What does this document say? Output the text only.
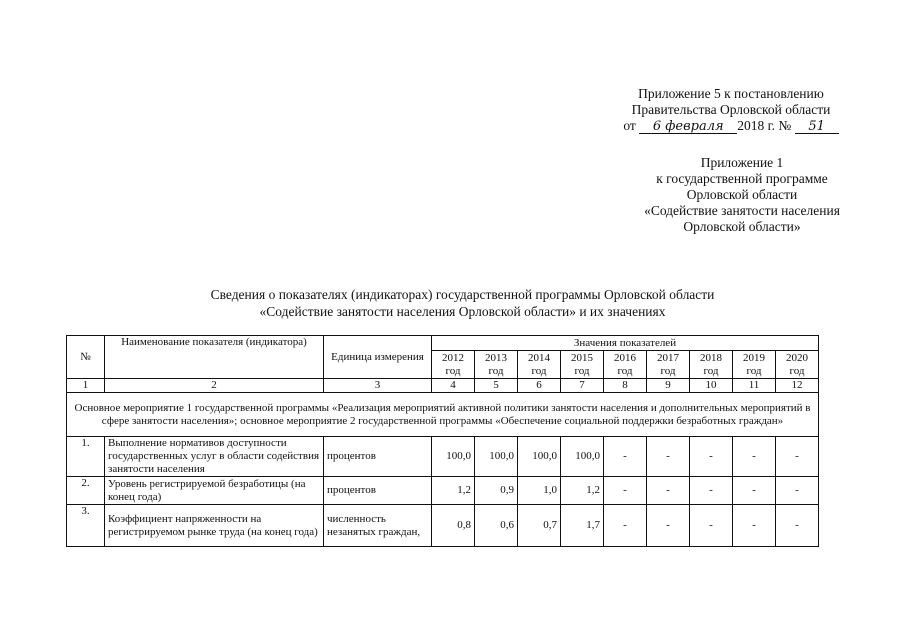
Приложение 5 к постановлению
Правительства Орловской области
от
	6 февраля	2018 г. №
	51
Приложение 1
к государственной программе
Орловской области
«Содействие занятости населения
Орловской области»
Сведения о показателях (индикаторах) государственной программы Орловской области
«Содействие занятости населения Орловской области» и их значениях
№	Наименование показателя (индикатора)	Единица измерения	Значения показателей								
			2012 год	2013 год	2014 год	2015 год	2016 год	2017 год	2018 год	2019 год	2020 год
1	2	3	4	5	6	7	8	9	10	11	12
Основное мероприятие 1 государственной программы «Реализация мероприятий активной политики занятости населения и дополнительных мероприятий в сфере занятости населения»; основное мероприятие 2 государственной программы «Обеспечение социальной поддержки безработных граждан»											
1.	Выполнение нормативов доступности государственных услуг в области содействия занятости населения	процентов	100,0	100,0	100,0	100,0	-	-	-	-	-
2.	Уровень регистрируемой безработицы (на конец года)	процентов	1,2	0,9	1,0	1,2	-	-	-	-	-
3.	Коэффициент напряженности на регистрируемом рынке труда (на конец года)	численность незанятых граждан,	0,8	0,6	0,7	1,7	-	-	-	-	-
